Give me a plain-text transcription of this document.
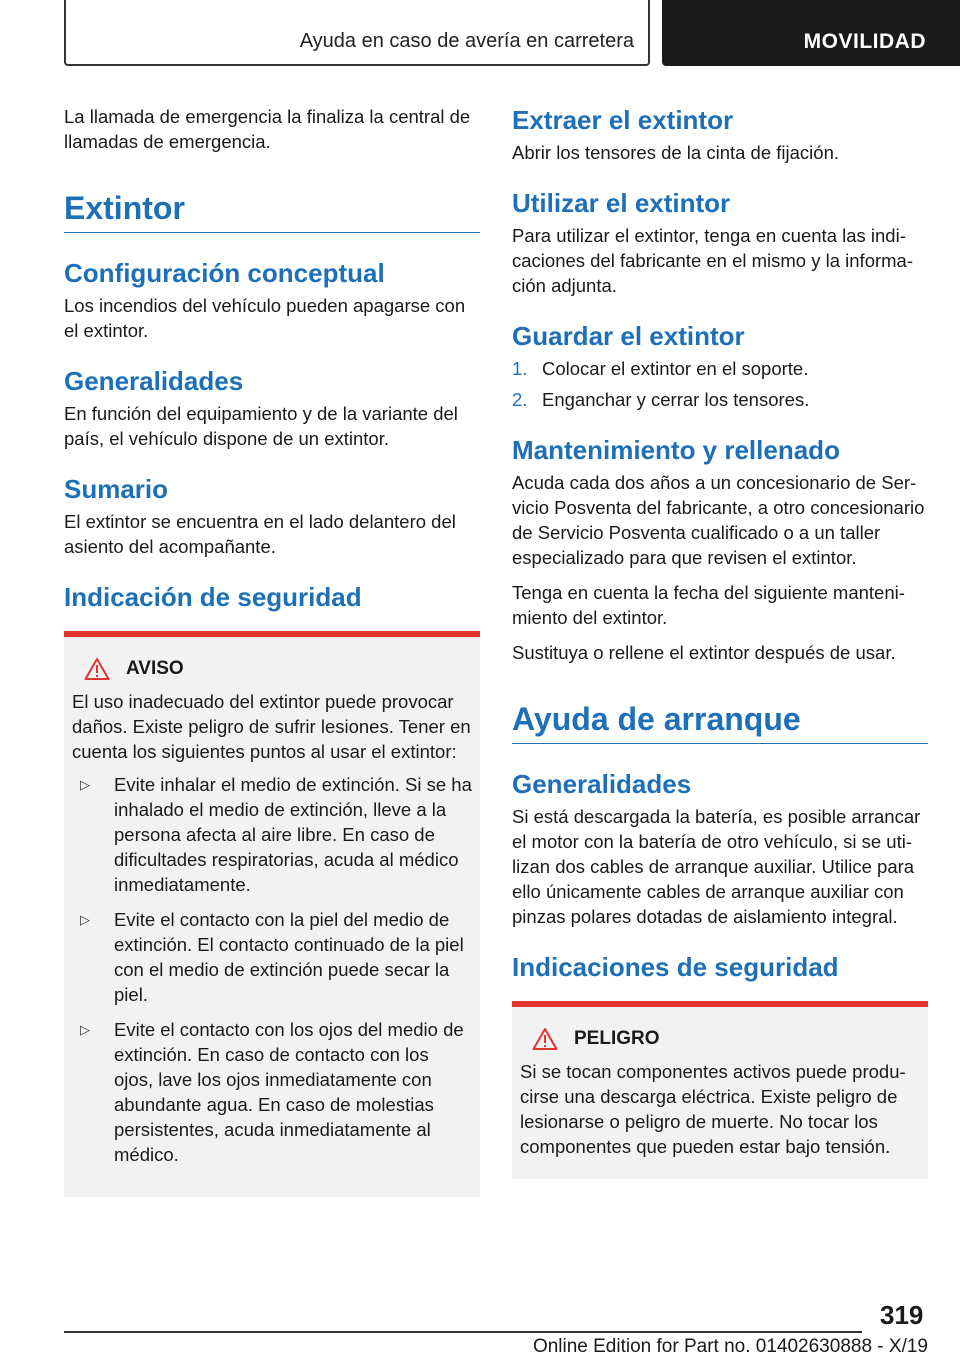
Ayuda en caso de avería en carretera	MOVILIDAD

La llamada de emergencia la finaliza la central de llamadas de emergencia.

Extintor
Configuración conceptual

Los incendios del vehículo pueden apagarse con el extintor.

Generalidades

En función del equipamiento y de la variante del país, el vehículo dispone de un extintor.

Sumario

El extintor se encuentra en el lado delantero del asiento del acompañante.

Indicación de seguridad
AVISO

El uso inadecuado del extintor puede provocar daños. Existe peligro de sufrir lesiones. Tener en cuenta los siguientes puntos al usar el extintor:

▷	Evite inhalar el medio de extinción. Si se ha inhalado el medio de extinción, lleve a la persona afecta al aire libre. En caso de dificultades respiratorias, acuda al médico inmediatamente.
▷	Evite el contacto con la piel del medio de extinción. El contacto continuado de la piel con el medio de extinción puede secar la piel.
▷	Evite el contacto con los ojos del medio de extinción. En caso de contacto con los ojos, lave los ojos inmediatamente con abundante agua. En caso de molestias persistentes, acuda inmediatamente al médico.
Extraer el extintor

Abrir los tensores de la cinta de fijación.

Utilizar el extintor

Para utilizar el extintor, tenga en cuenta las indicaciones del fabricante en el mismo y la información adjunta.

Guardar el extintor
1. Colocar el extintor en el soporte.
2. Enganchar y cerrar los tensores.
Mantenimiento y rellenado

Acuda cada dos años a un concesionario de Servicio Posventa del fabricante, a otro concesionario de Servicio Posventa cualificado o a un taller especializado para que revisen el extintor.

Tenga en cuenta la fecha del siguiente mantenimiento del extintor.

Sustituya o rellene el extintor después de usar.

Ayuda de arranque
Generalidades

Si está descargada la batería, es posible arrancar el motor con la batería de otro vehículo, si se utilizan dos cables de arranque auxiliar. Utilice para ello únicamente cables de arranque auxiliar con pinzas polares dotadas de aislamiento integral.

Indicaciones de seguridad
PELIGRO

Si se tocan componentes activos puede producirse una descarga eléctrica. Existe peligro de lesionarse o peligro de muerte. No tocar los componentes que pueden estar bajo tensión.

319
Online Edition for Part no. 01402630888 - X/19
